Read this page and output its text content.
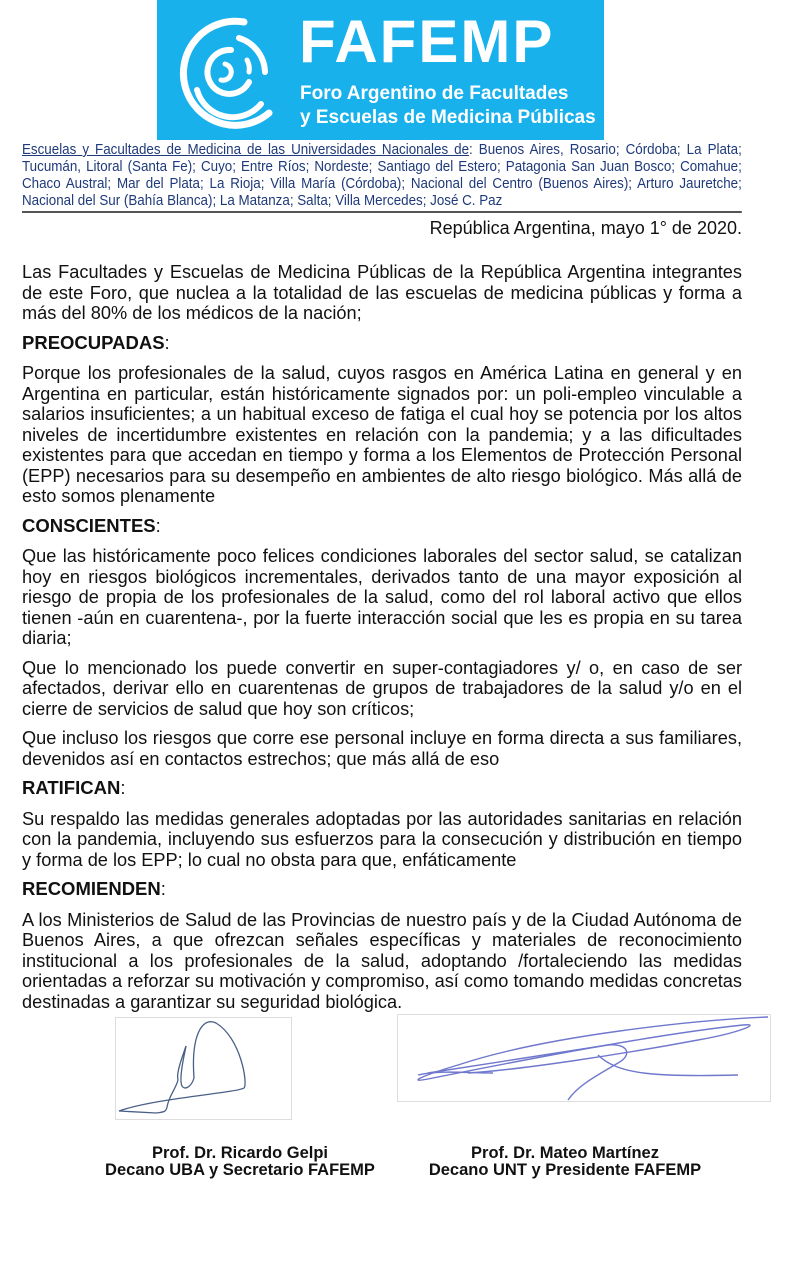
FAFEMP
Foro Argentino de Facultades
y Escuelas de Medicina Públicas
Escuelas y Facultades de Medicina de las Universidades Nacionales de: Buenos Aires, Rosario; Córdoba; La Plata; Tucumán, Litoral (Santa Fe); Cuyo; Entre Ríos; Nordeste; Santiago del Estero; Patagonia San Juan Bosco; Comahue; Chaco Austral; Mar del Plata; La Rioja; Villa María (Córdoba); Nacional del Centro (Buenos Aires); Arturo Jauretche; Nacional del Sur (Bahía Blanca); La Matanza; Salta; Villa Mercedes; José C. Paz
República Argentina, mayo 1° de 2020.

Las Facultades y Escuelas de Medicina Públicas de la República Argentina integrantes de este Foro, que nuclea a la totalidad de las escuelas de medicina públicas y forma a más del 80% de los médicos de la nación;

PREOCUPADAS:

Porque los profesionales de la salud, cuyos rasgos en América Latina en general y en Argentina en particular, están históricamente signados por: un poli-empleo vinculable a salarios insuficientes; a un habitual exceso de fatiga el cual hoy se potencia por los altos niveles de incertidumbre existentes en relación con la pandemia; y a las dificultades existentes para que accedan en tiempo y forma a los Elementos de Protección Personal (EPP) necesarios para su desempeño en ambientes de alto riesgo biológico. Más allá de esto somos plenamente

CONSCIENTES:

Que las históricamente poco felices condiciones laborales del sector salud, se catalizan hoy en riesgos biológicos incrementales, derivados tanto de una mayor exposición al riesgo de propia de los profesionales de la salud, como del rol laboral activo que ellos tienen -aún en cuarentena-, por la fuerte interacción social que les es propia en su tarea diaria;

Que lo mencionado los puede convertir en super-contagiadores y/ o, en caso de ser afectados, derivar ello en cuarentenas de grupos de trabajadores de la salud y/o en el cierre de servicios de salud que hoy son críticos;

Que incluso los riesgos que corre ese personal incluye en forma directa a sus familiares, devenidos así en contactos estrechos; que más allá de eso

RATIFICAN:

Su respaldo las medidas generales adoptadas por las autoridades sanitarias en relación con la pandemia, incluyendo sus esfuerzos para la consecución y distribución en tiempo y forma de los EPP; lo cual no obsta para que, enfáticamente

RECOMIENDEN:

A los Ministerios de Salud de las Provincias de nuestro país y de la Ciudad Autónoma de Buenos Aires, a que ofrezcan señales específicas y materiales de reconocimiento institucional a los profesionales de la salud, adoptando /fortaleciendo las medidas orientadas a reforzar su motivación y compromiso, así como tomando medidas concretas destinadas a garantizar su seguridad biológica.

Prof. Dr. Ricardo Gelpi
Decano UBA y Secretario FAFEMP
Prof. Dr. Mateo Martínez
Decano UNT y Presidente FAFEMP
